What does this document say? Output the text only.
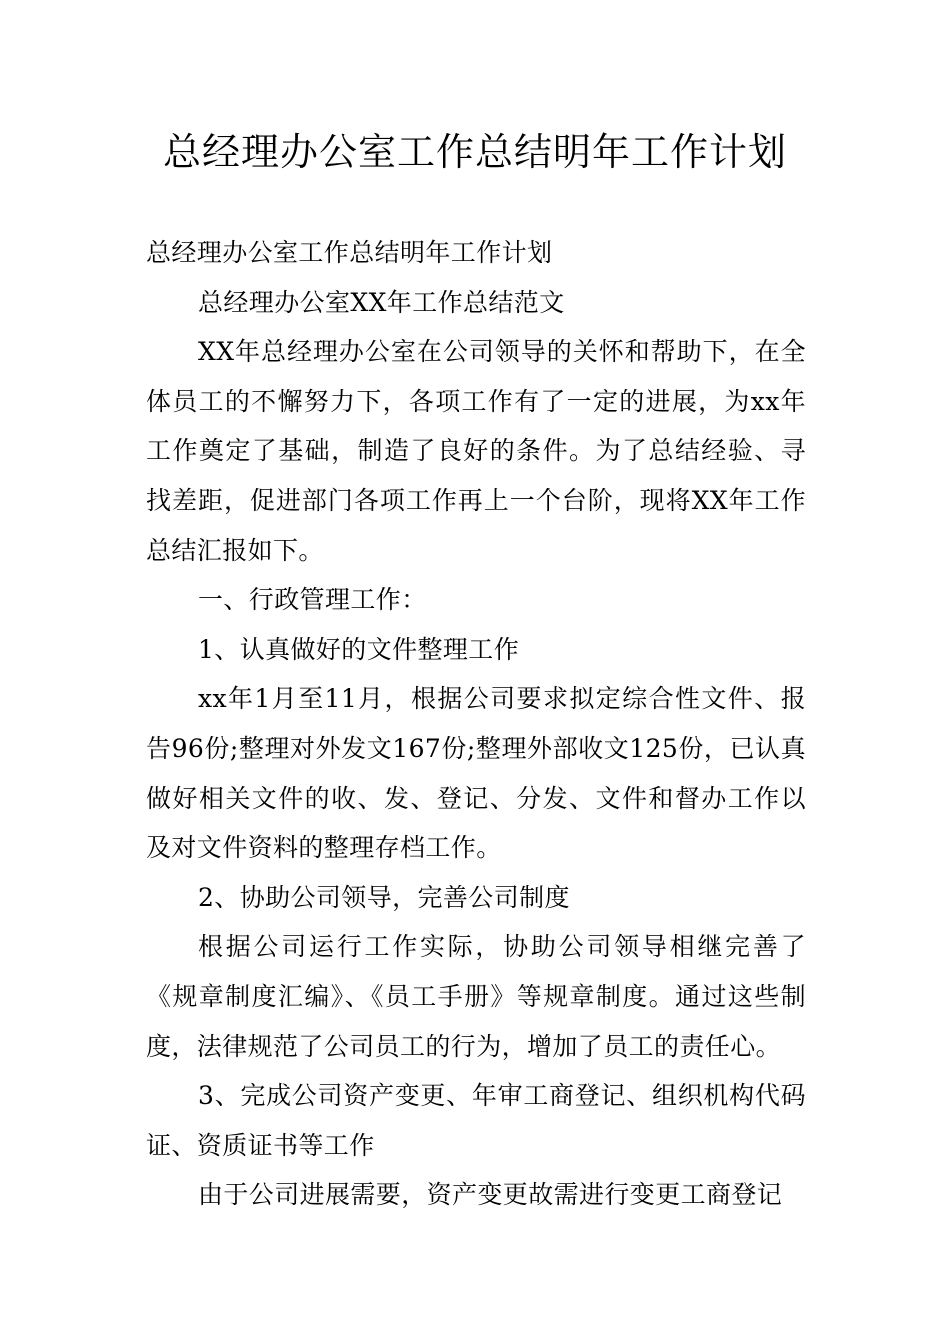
总经理办公室工作总结明年工作计划

总经理办公室工作总结明年工作计划

总经理办公室XX年工作总结范文

XX年总经理办公室在公司领导的关怀和帮助下，在全体员工的不懈努力下，各项工作有了一定的进展，为xx年工作奠定了基础，制造了良好的条件。为了总结经验、寻找差距，促进部门各项工作再上一个台阶，现将XX年工作总结汇报如下。

一、行政管理工作：

1、认真做好的文件整理工作

xx年1月至11月，根据公司要求拟定综合性文件、报告96份;整理对外发文167份;整理外部收文125份，已认真做好相关文件的收、发、登记、分发、文件和督办工作以及对文件资料的整理存档工作。

2、协助公司领导，完善公司制度

根据公司运行工作实际，协助公司领导相继完善了《规章制度汇编》、《员工手册》等规章制度。通过这些制度，法律规范了公司员工的行为，增加了员工的责任心。

3、完成公司资产变更、年审工商登记、组织机构代码证、资质证书等工作

由于公司进展需要，资产变更故需进行变更工商登记
